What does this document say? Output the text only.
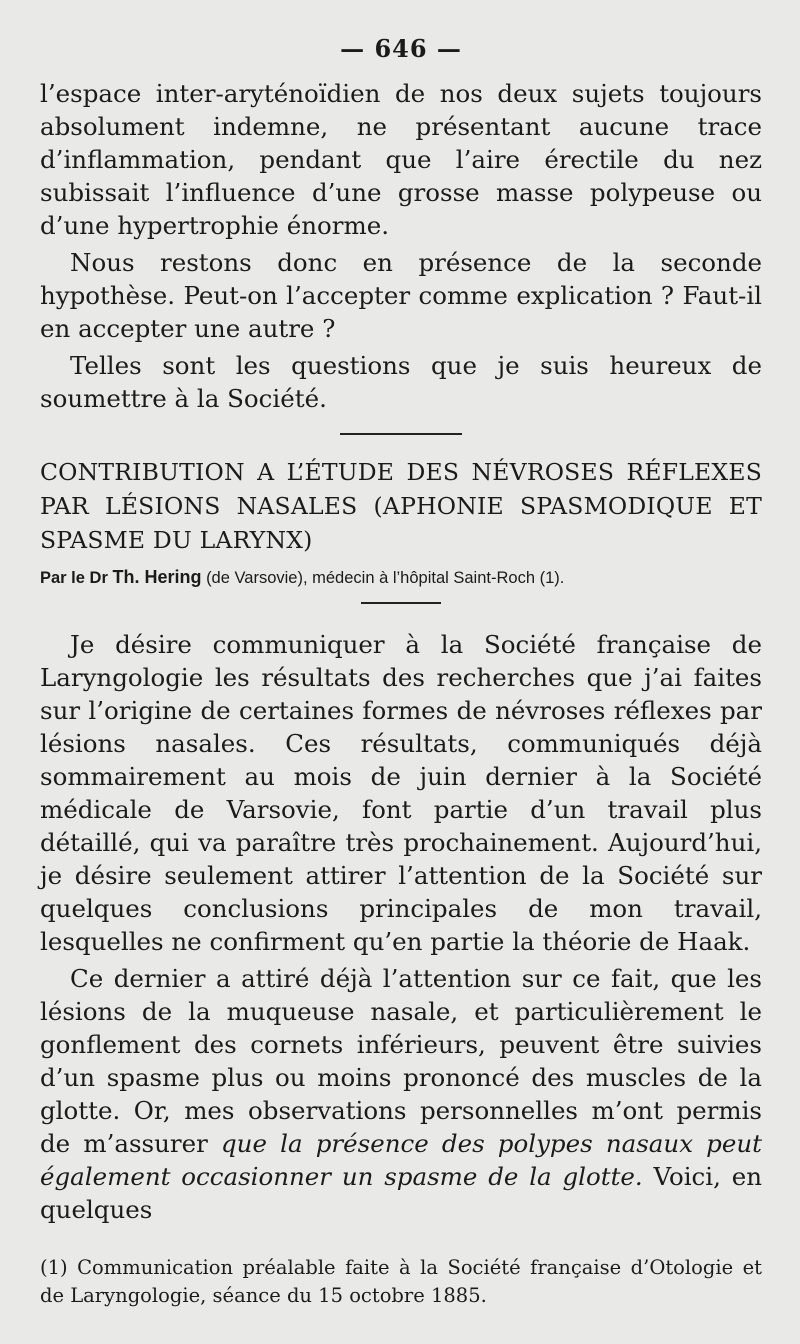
— 646 —

l’espace inter-aryténoïdien de nos deux sujets toujours absolument indemne, ne présentant aucune trace d’inflammation, pendant que l’aire érectile du nez subissait l’influence d’une grosse masse polypeuse ou d’une hypertrophie énorme.

Nous restons donc en présence de la seconde hypothèse. Peut-on l’accepter comme explication ? Faut-il en accepter une autre ?

Telles sont les questions que je suis heureux de soumettre à la Société.

CONTRIBUTION A L’ÉTUDE DES NÉVROSES RÉFLEXES PAR LÉSIONS NASALES (APHONIE SPASMODIQUE ET SPASME DU LARYNX)

Par le Dr Th. Hering (de Varsovie), médecin à l’hôpital Saint-Roch (1).

Je désire communiquer à la Société française de Laryngologie les résultats des recherches que j’ai faites sur l’origine de certaines formes de névroses réflexes par lésions nasales. Ces résultats, communiqués déjà sommairement au mois de juin dernier à la Société médicale de Varsovie, font partie d’un travail plus détaillé, qui va paraître très prochainement. Aujourd’hui, je désire seulement attirer l’attention de la Société sur quelques conclusions principales de mon travail, lesquelles ne confirment qu’en partie la théorie de Haak.

Ce dernier a attiré déjà l’attention sur ce fait, que les lésions de la muqueuse nasale, et particulièrement le gonflement des cornets inférieurs, peuvent être suivies d’un spasme plus ou moins prononcé des muscles de la glotte. Or, mes observations personnelles m’ont permis de m’assurer que la présence des polypes nasaux peut également occasionner un spasme de la glotte. Voici, en quelques

(1) Communication préalable faite à la Société française d’Otologie et de Laryngologie, séance du 15 octobre 1885.
